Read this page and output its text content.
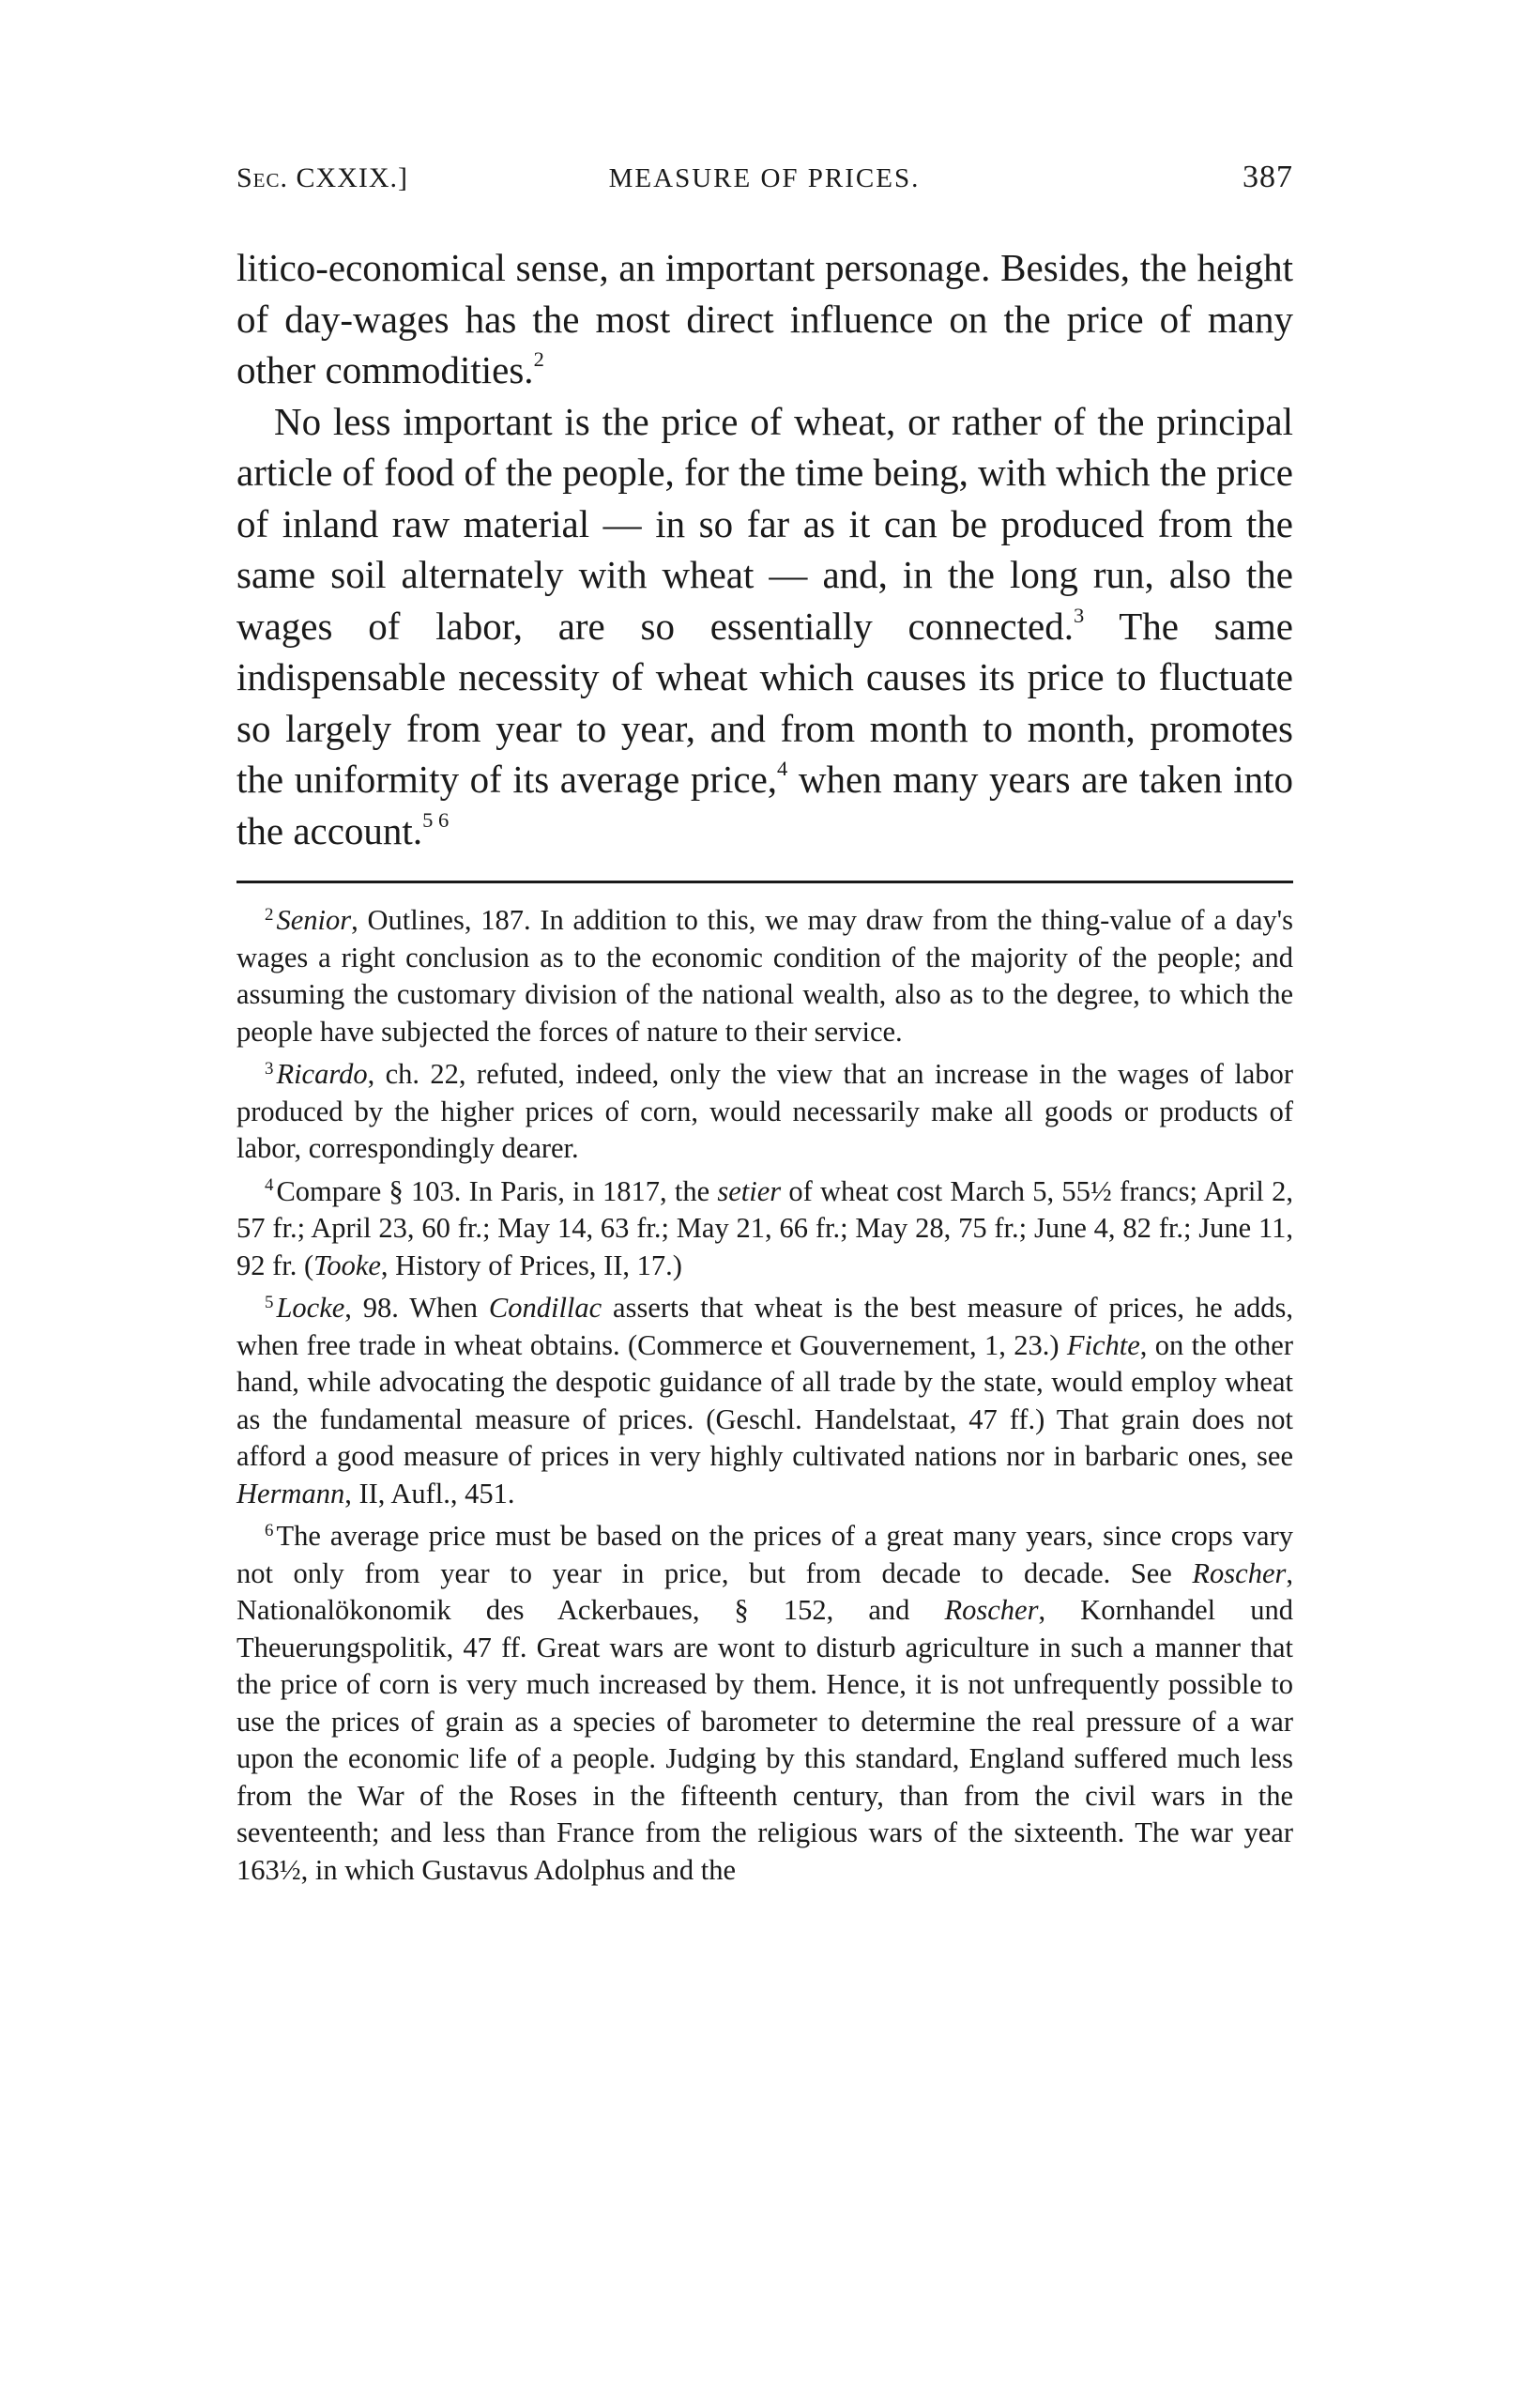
Sec. CXXIX.]	MEASURE OF PRICES.	387

litico-economical sense, an important personage. Besides, the height of day-wages has the most direct influence on the price of many other commodities.$^2$

No less important is the price of wheat, or rather of the principal article of food of the people, for the time being, with which the price of inland raw material — in so far as it can be produced from the same soil alternately with wheat — and, in the long run, also the wages of labor, are so essentially connected.$^3$ The same indispensable necessity of wheat which causes its price to fluctuate so largely from year to year, and from month to month, promotes the uniformity of its average price,$^4$ when many years are taken into the account.$^{5 6}$

$^2$Senior, Outlines, 187. In addition to this, we may draw from the thing-value of a day's wages a right conclusion as to the economic condition of the majority of the people; and assuming the customary division of the national wealth, also as to the degree, to which the people have subjected the forces of nature to their service.

$^3$Ricardo, ch. 22, refuted, indeed, only the view that an increase in the wages of labor produced by the higher prices of corn, would necessarily make all goods or products of labor, correspondingly dearer.

$^4$Compare § 103. In Paris, in 1817, the setier of wheat cost March 5, 55½ francs; April 2, 57 fr.; April 23, 60 fr.; May 14, 63 fr.; May 21, 66 fr.; May 28, 75 fr.; June 4, 82 fr.; June 11, 92 fr. (Tooke, History of Prices, II, 17.)

$^5$Locke, 98. When Condillac asserts that wheat is the best measure of prices, he adds, when free trade in wheat obtains. (Commerce et Gouvernement, 1, 23.) Fichte, on the other hand, while advocating the despotic guidance of all trade by the state, would employ wheat as the fundamental measure of prices. (Geschl. Handelstaat, 47 ff.) That grain does not afford a good measure of prices in very highly cultivated nations nor in barbaric ones, see Hermann, II, Aufl., 451.

$^6$The average price must be based on the prices of a great many years, since crops vary not only from year to year in price, but from decade to decade. See Roscher, Nationalökonomik des Ackerbaues, § 152, and Roscher, Kornhandel und Theuerungspolitik, 47 ff. Great wars are wont to disturb agriculture in such a manner that the price of corn is very much increased by them. Hence, it is not unfrequently possible to use the prices of grain as a species of barometer to determine the real pressure of a war upon the economic life of a people. Judging by this standard, England suffered much less from the War of the Roses in the fifteenth century, than from the civil wars in the seventeenth; and less than France from the religious wars of the sixteenth. The war year 163½, in which Gustavus Adolphus and the
